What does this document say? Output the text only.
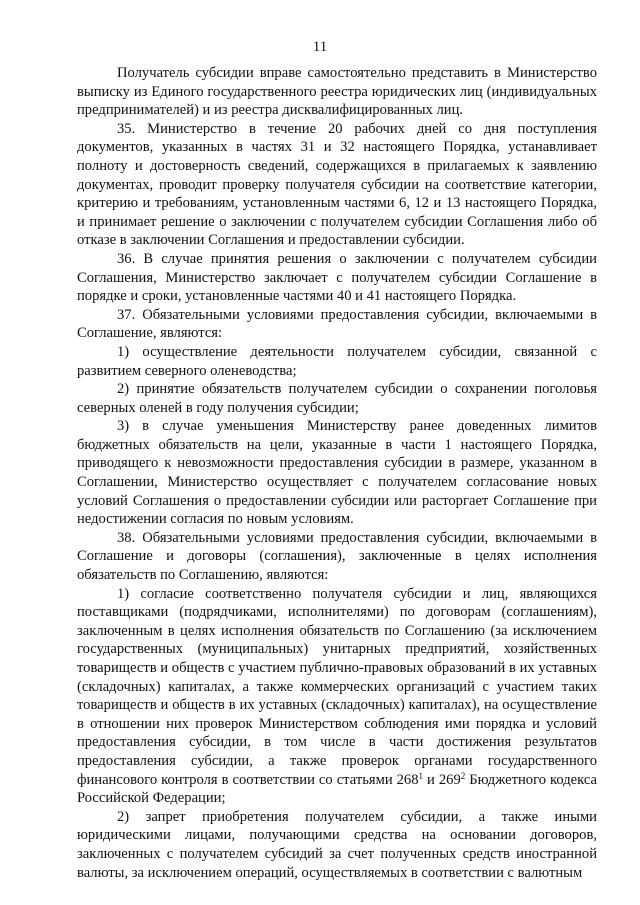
11

Получатель субсидии вправе самостоятельно представить в Министерство выписку из Единого государственного реестра юридических лиц (индивидуальных предпринимателей) и из реестра дисквалифицированных лиц.

35. Министерство в течение 20 рабочих дней со дня поступления документов, указанных в частях 31 и 32 настоящего Порядка, устанавливает полноту и достоверность сведений, содержащихся в прилагаемых к заявлению документах, проводит проверку получателя субсидии на соответствие категории, критерию и требованиям, установленным частями 6, 12 и 13 настоящего Порядка, и принимает решение о заключении с получателем субсидии Соглашения либо об отказе в заключении Соглашения и предоставлении субсидии.

36. В случае принятия решения о заключении с получателем субсидии Соглашения, Министерство заключает с получателем субсидии Соглашение в порядке и сроки, установленные частями 40 и 41 настоящего Порядка.

37. Обязательными условиями предоставления субсидии, включаемыми в Соглашение, являются:

1) осуществление деятельности получателем субсидии, связанной с развитием северного оленеводства;

2) принятие обязательств получателем субсидии о сохранении поголовья северных оленей в году получения субсидии;

3) в случае уменьшения Министерству ранее доведенных лимитов бюджетных обязательств на цели, указанные в части 1 настоящего Порядка, приводящего к невозможности предоставления субсидии в размере, указанном в Соглашении, Министерство осуществляет с получателем согласование новых условий Соглашения о предоставлении субсидии или расторгает Соглашение при недостижении согласия по новым условиям.

38. Обязательными условиями предоставления субсидии, включаемыми в Соглашение и договоры (соглашения), заключенные в целях исполнения обязательств по Соглашению, являются:

1) согласие соответственно получателя субсидии и лиц, являющихся поставщиками (подрядчиками, исполнителями) по договорам (соглашениям), заключенным в целях исполнения обязательств по Соглашению (за исключением государственных (муниципальных) унитарных предприятий, хозяйственных товариществ и обществ с участием публично-правовых образований в их уставных (складочных) капиталах, а также коммерческих организаций с участием таких товариществ и обществ в их уставных (складочных) капиталах), на осуществление в отношении них проверок Министерством соблюдения ими порядка и условий предоставления субсидии, в том числе в части достижения результатов предоставления субсидии, а также проверок органами государственного финансового контроля в соответствии со статьями $268^1$ и $269^2$ Бюджетного кодекса Российской Федерации;

2) запрет приобретения получателем субсидии, а также иными юридическими лицами, получающими средства на основании договоров, заключенных с получателем субсидий за счет полученных средств иностранной валюты, за исключением операций, осуществляемых в соответствии с валютным
